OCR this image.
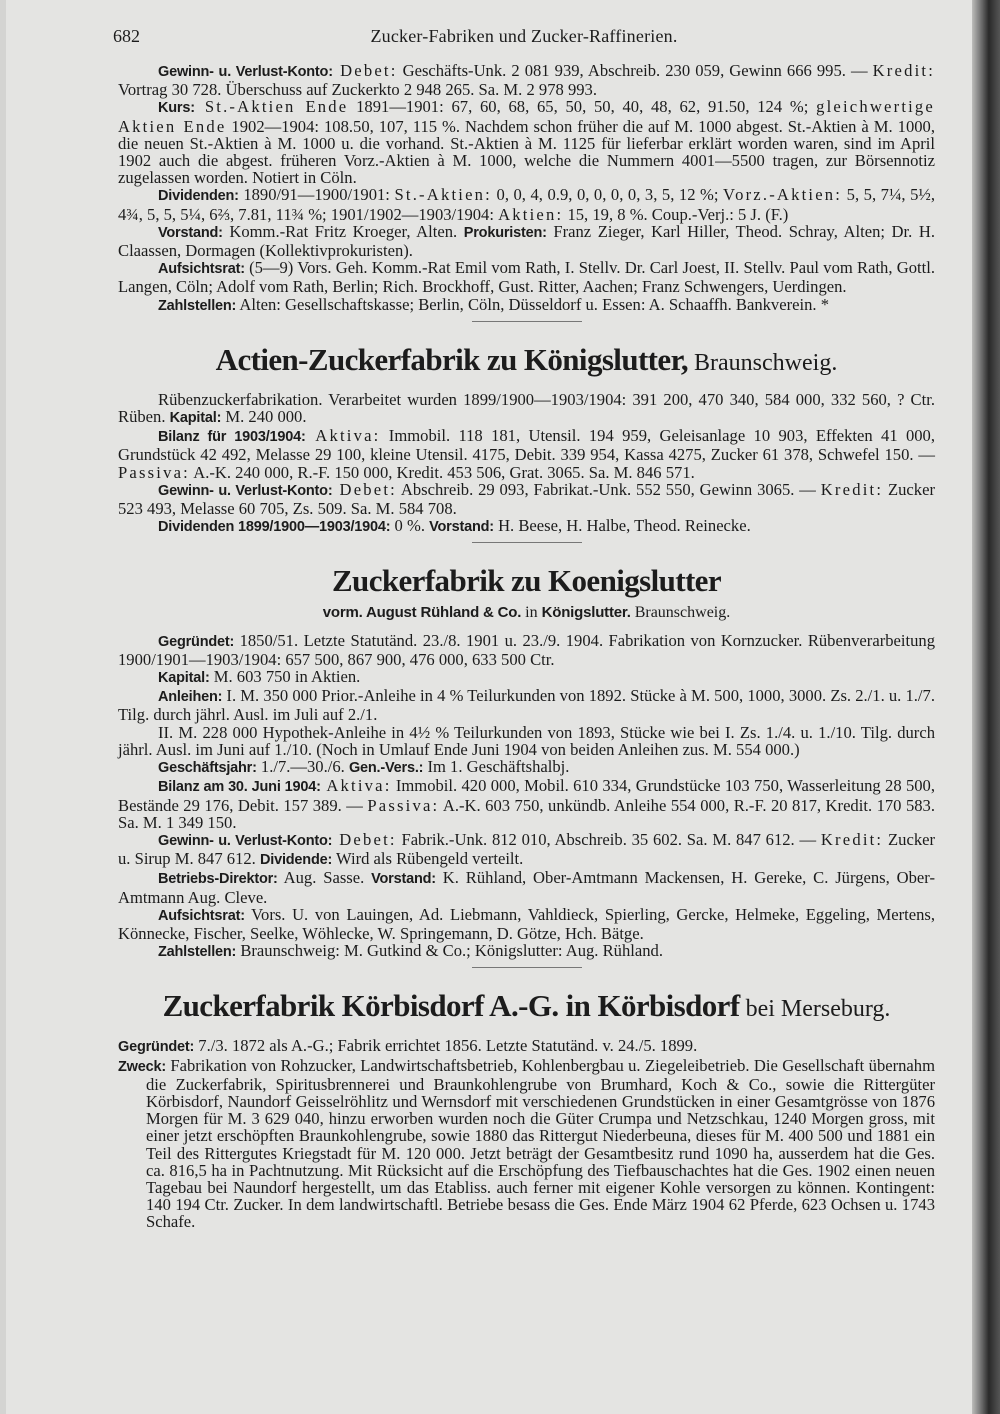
682	Zucker-Fabriken und Zucker-Raffinerien.

Gewinn- u. Verlust-Konto: Debet: Geschäfts-Unk. 2 081 939, Abschreib. 230 059, Gewinn 666 995. — Kredit: Vortrag 30 728. Überschuss auf Zuckerkto 2 948 265. Sa. M. 2 978 993.

Kurs: St.-Aktien Ende 1891—1901: 67, 60, 68, 65, 50, 50, 40, 48, 62, 91.50, 124 %; gleichwertige Aktien Ende 1902—1904: 108.50, 107, 115 %. Nachdem schon früher die auf M. 1000 abgest. St.-Aktien à M. 1000, die neuen St.-Aktien à M. 1000 u. die vorhand. St.-Aktien à M. 1125 für lieferbar erklärt worden waren, sind im April 1902 auch die abgest. früheren Vorz.-Aktien à M. 1000, welche die Nummern 4001—5500 tragen, zur Börsennotiz zugelassen worden. Notiert in Cöln.

Dividenden: 1890/91—1900/1901: St.-Aktien: 0, 0, 4, 0.9, 0, 0, 0, 0, 3, 5, 12 %; Vorz.-Aktien: 5, 5, 7¼, 5½, 4¾, 5, 5, 5¼, 6⅔, 7.81, 11¾ %; 1901/1902—1903/1904: Aktien: 15, 19, 8 %. Coup.-Verj.: 5 J. (F.)

Vorstand: Komm.-Rat Fritz Kroeger, Alten. Prokuristen: Franz Zieger, Karl Hiller, Theod. Schray, Alten; Dr. H. Claassen, Dormagen (Kollektivprokuristen).

Aufsichtsrat: (5—9) Vors. Geh. Komm.-Rat Emil vom Rath, I. Stellv. Dr. Carl Joest, II. Stellv. Paul vom Rath, Gottl. Langen, Cöln; Adolf vom Rath, Berlin; Rich. Brockhoff, Gust. Ritter, Aachen; Franz Schwengers, Uerdingen.

Zahlstellen: Alten: Gesellschaftskasse; Berlin, Cöln, Düsseldorf u. Essen: A. Schaaffh. Bankverein. *

Actien-Zuckerfabrik zu Königslutter, Braunschweig.

Rübenzuckerfabrikation. Verarbeitet wurden 1899/1900—1903/1904: 391 200, 470 340, 584 000, 332 560, ? Ctr. Rüben. Kapital: M. 240 000.

Bilanz für 1903/1904: Aktiva: Immobil. 118 181, Utensil. 194 959, Geleisanlage 10 903, Effekten 41 000, Grundstück 42 492, Melasse 29 100, kleine Utensil. 4175, Debit. 339 954, Kassa 4275, Zucker 61 378, Schwefel 150. — Passiva: A.-K. 240 000, R.-F. 150 000, Kredit. 453 506, Grat. 3065. Sa. M. 846 571.

Gewinn- u. Verlust-Konto: Debet: Abschreib. 29 093, Fabrikat.-Unk. 552 550, Gewinn 3065. — Kredit: Zucker 523 493, Melasse 60 705, Zs. 509. Sa. M. 584 708.

Dividenden 1899/1900—1903/1904: 0 %. Vorstand: H. Beese, H. Halbe, Theod. Reinecke.

Zuckerfabrik zu Koenigslutter
vorm. August Rühland & Co. in Königslutter. Braunschweig.

Gegründet: 1850/51. Letzte Statutänd. 23./8. 1901 u. 23./9. 1904. Fabrikation von Kornzucker. Rübenverarbeitung 1900/1901—1903/1904: 657 500, 867 900, 476 000, 633 500 Ctr.

Kapital: M. 603 750 in Aktien.

Anleihen: I. M. 350 000 Prior.-Anleihe in 4 % Teilurkunden von 1892. Stücke à M. 500, 1000, 3000. Zs. 2./1. u. 1./7. Tilg. durch jährl. Ausl. im Juli auf 2./1.

II. M. 228 000 Hypothek-Anleihe in 4½ % Teilurkunden von 1893, Stücke wie bei I. Zs. 1./4. u. 1./10. Tilg. durch jährl. Ausl. im Juni auf 1./10. (Noch in Umlauf Ende Juni 1904 von beiden Anleihen zus. M. 554 000.)

Geschäftsjahr: 1./7.—30./6. Gen.-Vers.: Im 1. Geschäftshalbj.

Bilanz am 30. Juni 1904: Aktiva: Immobil. 420 000, Mobil. 610 334, Grundstücke 103 750, Wasserleitung 28 500, Bestände 29 176, Debit. 157 389. — Passiva: A.-K. 603 750, unkündb. Anleihe 554 000, R.-F. 20 817, Kredit. 170 583. Sa. M. 1 349 150.

Gewinn- u. Verlust-Konto: Debet: Fabrik.-Unk. 812 010, Abschreib. 35 602. Sa. M. 847 612. — Kredit: Zucker u. Sirup M. 847 612. Dividende: Wird als Rübengeld verteilt.

Betriebs-Direktor: Aug. Sasse. Vorstand: K. Rühland, Ober-Amtmann Mackensen, H. Gereke, C. Jürgens, Ober-Amtmann Aug. Cleve.

Aufsichtsrat: Vors. U. von Lauingen, Ad. Liebmann, Vahldieck, Spierling, Gercke, Helmeke, Eggeling, Mertens, Könnecke, Fischer, Seelke, Wöhlecke, W. Springemann, D. Götze, Hch. Bätge.

Zahlstellen: Braunschweig: M. Gutkind & Co.; Königslutter: Aug. Rühland.

Zuckerfabrik Körbisdorf A.-G. in Körbisdorf bei Merseburg.

Gegründet: 7./3. 1872 als A.-G.; Fabrik errichtet 1856. Letzte Statutänd. v. 24./5. 1899.

Zweck: Fabrikation von Rohzucker, Landwirtschaftsbetrieb, Kohlenbergbau u. Ziegeleibetrieb. Die Gesellschaft übernahm die Zuckerfabrik, Spiritusbrennerei und Braunkohlengrube von Brumhard, Koch & Co., sowie die Rittergüter Körbisdorf, Naundorf Geisselröhlitz und Wernsdorf mit verschiedenen Grundstücken in einer Gesamtgrösse von 1876 Morgen für M. 3 629 040, hinzu erworben wurden noch die Güter Crumpa und Netzschkau, 1240 Morgen gross, mit einer jetzt erschöpften Braunkohlengrube, sowie 1880 das Rittergut Niederbeuna, dieses für M. 400 500 und 1881 ein Teil des Rittergutes Kriegstadt für M. 120 000. Jetzt beträgt der Gesamtbesitz rund 1090 ha, ausserdem hat die Ges. ca. 816,5 ha in Pachtnutzung. Mit Rücksicht auf die Erschöpfung des Tiefbauschachtes hat die Ges. 1902 einen neuen Tagebau bei Naundorf hergestellt, um das Etabliss. auch ferner mit eigener Kohle versorgen zu können. Kontingent: 140 194 Ctr. Zucker. In dem landwirtschaftl. Betriebe besass die Ges. Ende März 1904 62 Pferde, 623 Ochsen u. 1743 Schafe.
